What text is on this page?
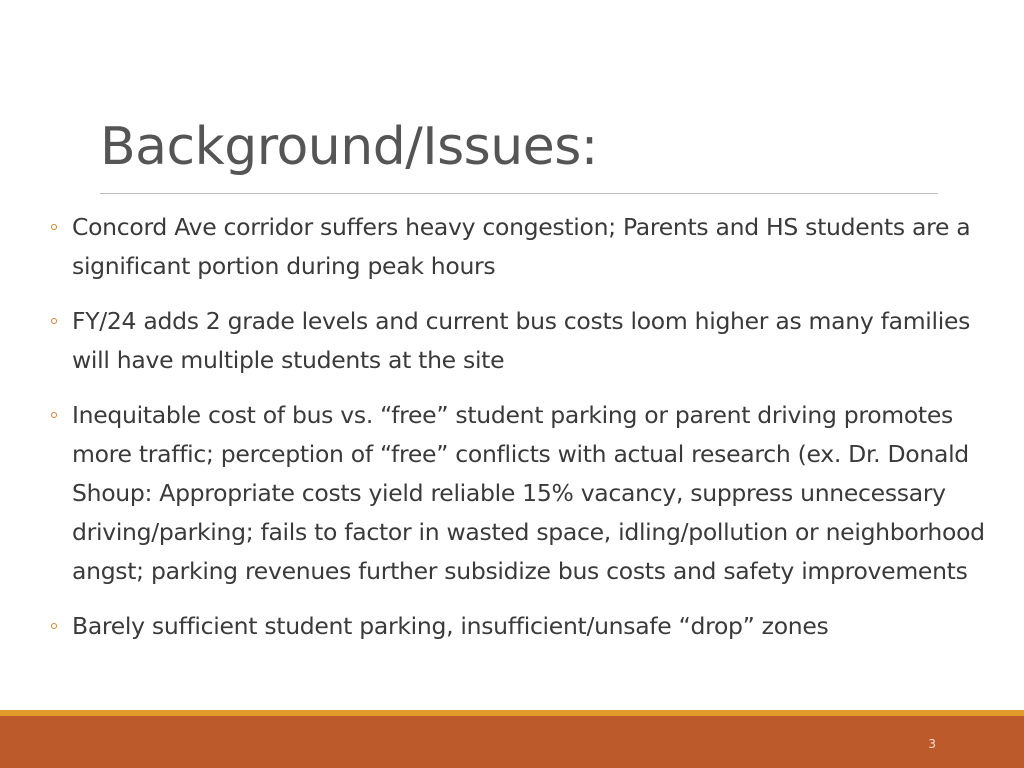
Background/Issues:
Concord Ave corridor suffers heavy congestion; Parents and HS students are a significant portion during peak hours
FY/24 adds 2 grade levels and current bus costs loom higher as many families will have multiple students at the site
Inequitable cost of bus vs. “free” student parking or parent driving promotes more traffic; perception of “free” conflicts with actual research (ex. Dr. Donald Shoup: Appropriate costs yield reliable 15% vacancy, suppress unnecessary driving/parking; fails to factor in wasted space, idling/pollution or neighborhood angst; parking revenues further subsidize bus costs and safety improvements
Barely sufficient student parking, insufficient/unsafe “drop” zones
3
